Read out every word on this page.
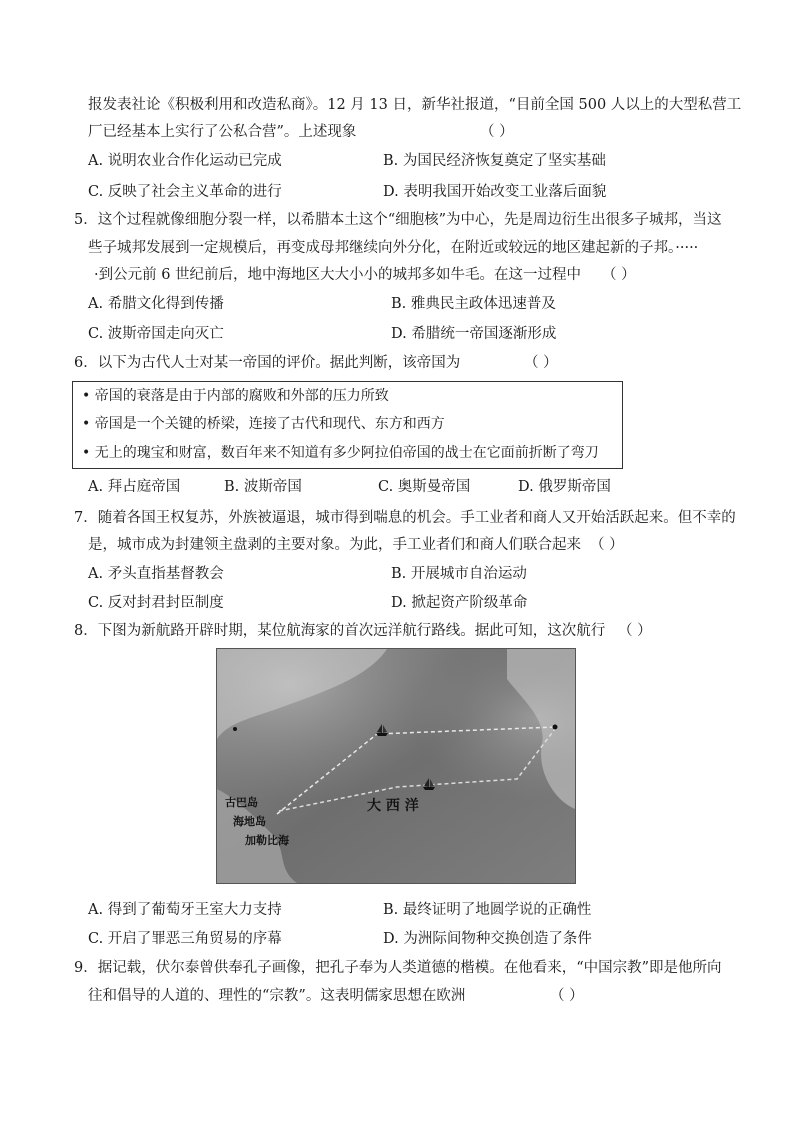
报发表社论《积极利用和改造私商》。12 月 13 日，新华社报道，“目前全国 500 人以上的大型私营工
厂已经基本上实行了公私合营”。上述现象	（ ）
A. 说明农业合作化运动已完成	B. 为国民经济恢复奠定了坚实基础
C. 反映了社会主义革命的进行	D. 表明我国开始改变工业落后面貌
5．这个过程就像细胞分裂一样，以希腊本土这个“细胞核”为中心，先是周边衍生出很多子城邦，当这
些子城邦发展到一定规模后，再变成母邦继续向外分化，在附近或较远的地区建起新的子邦。·····
·到公元前 6 世纪前后，地中海地区大大小小的城邦多如牛毛。在这一过程中 （ ）
A. 希腊文化得到传播	B. 雅典民主政体迅速普及
C. 波斯帝国走向灭亡	D. 希腊统一帝国逐渐形成
6．以下为古代人士对某一帝国的评价。据此判断，该帝国为	（ ）
• 帝国的衰落是由于内部的腐败和外部的压力所致
• 帝国是一个关键的桥梁，连接了古代和现代、东方和西方
• 无上的瑰宝和财富，数百年来不知道有多少阿拉伯帝国的战士在它面前折断了弯刀
A. 拜占庭帝国	B. 波斯帝国	C. 奥斯曼帝国	D. 俄罗斯帝国
7．随着各国王权复苏，外族被逼退，城市得到喘息的机会。手工业者和商人又开始活跃起来。但不幸的
是，城市成为封建领主盘剥的主要对象。为此，手工业者们和商人们联合起来 （ ）
A. 矛头直指基督教会	B. 开展城市自治运动
C. 反对封君封臣制度	D. 掀起资产阶级革命
8．下图为新航路开辟时期，某位航海家的首次远洋航行路线。据此可知，这次航行 （ ）
古巴岛
海地岛
加勒比海
大 西 洋
A. 得到了葡萄牙王室大力支持	B. 最终证明了地圆学说的正确性
C. 开启了罪恶三角贸易的序幕	D. 为洲际间物种交换创造了条件
9．据记载，伏尔泰曾供奉孔子画像，把孔子奉为人类道德的楷模。在他看来，“中国宗教”即是他所向
往和倡导的人道的、理性的“宗教”。这表明儒家思想在欧洲	（ ）
